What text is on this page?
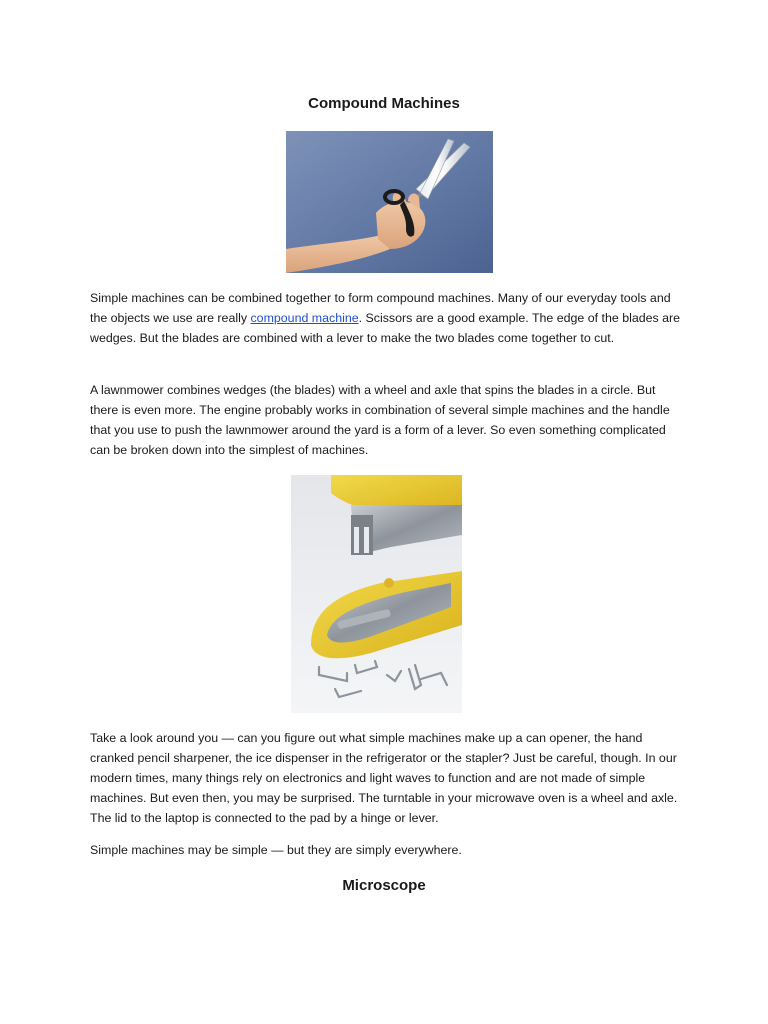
Compound Machines

Simple machines can be combined together to form compound machines. Many of our everyday tools and the objects we use are really compound machine. Scissors are a good example. The edge of the blades are wedges. But the blades are combined with a lever to make the two blades come together to cut.

A lawnmower combines wedges (the blades) with a wheel and axle that spins the blades in a circle. But there is even more. The engine probably works in combination of several simple machines and the handle that you use to push the lawnmower around the yard is a form of a lever. So even something complicated can be broken down into the simplest of machines.

Take a look around you — can you figure out what simple machines make up a can opener, the hand cranked pencil sharpener, the ice dispenser in the refrigerator or the stapler? Just be careful, though. In our modern times, many things rely on electronics and light waves to function and are not made of simple machines. But even then, you may be surprised. The turntable in your microwave oven is a wheel and axle. The lid to the laptop is connected to the pad by a hinge or lever.

Simple machines may be simple — but they are simply everywhere.

Microscope
